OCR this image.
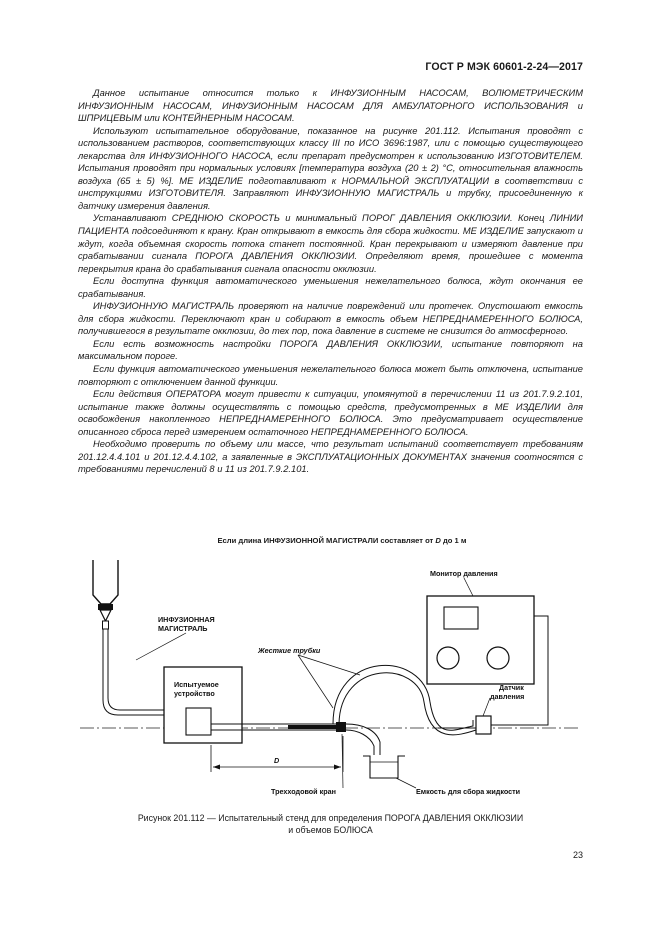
ГОСТ Р МЭК 60601-2-24—2017

Данное испытание относится только к ИНФУЗИОННЫМ НАСОСАМ, ВОЛЮМЕТРИЧЕСКИМ ИНФУЗИОННЫМ НАСОСАМ, ИНФУЗИОННЫМ НАСОСАМ ДЛЯ АМБУЛАТОРНОГО ИСПОЛЬЗОВАНИЯ и ШПРИЦЕВЫМ или КОНТЕЙНЕРНЫМ НАСОСАМ.

Используют испытательное оборудование, показанное на рисунке 201.112. Испытания проводят с использованием растворов, соответствующих классу III по ИСО 3696:1987, или с помощью существующего лекарства для ИНФУЗИОННОГО НАСОСА, если препарат предусмотрен к использованию ИЗГОТОВИТЕЛЕМ. Испытания проводят при нормальных условиях [температура воздуха (20 ± 2) °С, относительная влажность воздуха (65 ± 5) %]. МЕ ИЗДЕЛИЕ подготавливают к НОРМАЛЬНОЙ ЭКСПЛУАТАЦИИ в соответствии с инструкциями ИЗГОТОВИТЕЛЯ. Заправляют ИНФУЗИОННУЮ МАГИСТРАЛЬ и трубку, присоединенную к датчику измерения давления.

Устанавливают СРЕДНЮЮ СКОРОСТЬ и минимальный ПОРОГ ДАВЛЕНИЯ ОККЛЮЗИИ. Конец ЛИНИИ ПАЦИЕНТА подсоединяют к крану. Кран открывают в емкость для сбора жидкости. МЕ ИЗДЕЛИЕ запускают и ждут, когда объемная скорость потока станет постоянной. Кран перекрывают и измеряют давление при срабатывании сигнала ПОРОГА ДАВЛЕНИЯ ОККЛЮЗИИ. Определяют время, прошедшее с момента перекрытия крана до срабатывания сигнала опасности окклюзии.

Если доступна функция автоматического уменьшения нежелательного болюса, ждут окончания ее срабатывания.

ИНФУЗИОННУЮ МАГИСТРАЛЬ проверяют на наличие повреждений или протечек. Опустошают емкость для сбора жидкости. Переключают кран и собирают в емкость объем НЕПРЕДНАМЕРЕННОГО БОЛЮСА, получившегося в результате окклюзии, до тех пор, пока давление в системе не снизится до атмосферного.

Если есть возможность настройки ПОРОГА ДАВЛЕНИЯ ОККЛЮЗИИ, испытание повторяют на максимальном пороге.

Если функция автоматического уменьшения нежелательного болюса может быть отключена, испытание повторяют с отключением данной функции.

Если действия ОПЕРАТОРА могут привести к ситуации, упомянутой в перечислении 11 из 201.7.9.2.101, испытание также должны осуществлять с помощью средств, предусмотренных в МЕ ИЗДЕЛИИ для освобождения накопленного НЕПРЕДНАМЕРЕННОГО БОЛЮСА. Это предусматривает осуществление описанного сброса перед измерением остаточного НЕПРЕДНАМЕРЕННОГО БОЛЮСА.

Необходимо проверить по объему или массе, что результат испытаний соответствует требованиям 201.12.4.4.101 и 201.12.4.4.102, а заявленные в ЭКСПЛУАТАЦИОННЫХ ДОКУМЕНТАХ значения соотносятся с требованиями перечислений 8 и 11 из 201.7.9.2.101.

Если длина ИНФУЗИОННОЙ МАГИСТРАЛИ составляет от D до 1 м
ИНФУЗИОННАЯ
МАГИСТРАЛЬ
Испытуемое
устройство
Жесткие трубки
Монитор давления
Датчик
давления
D
Трехходовой кран	Емкость для сбора жидкости
Рисунок 201.112 — Испытательный стенд для определения ПОРОГА ДАВЛЕНИЯ ОККЛЮЗИИ
и объемов БОЛЮСА
23
